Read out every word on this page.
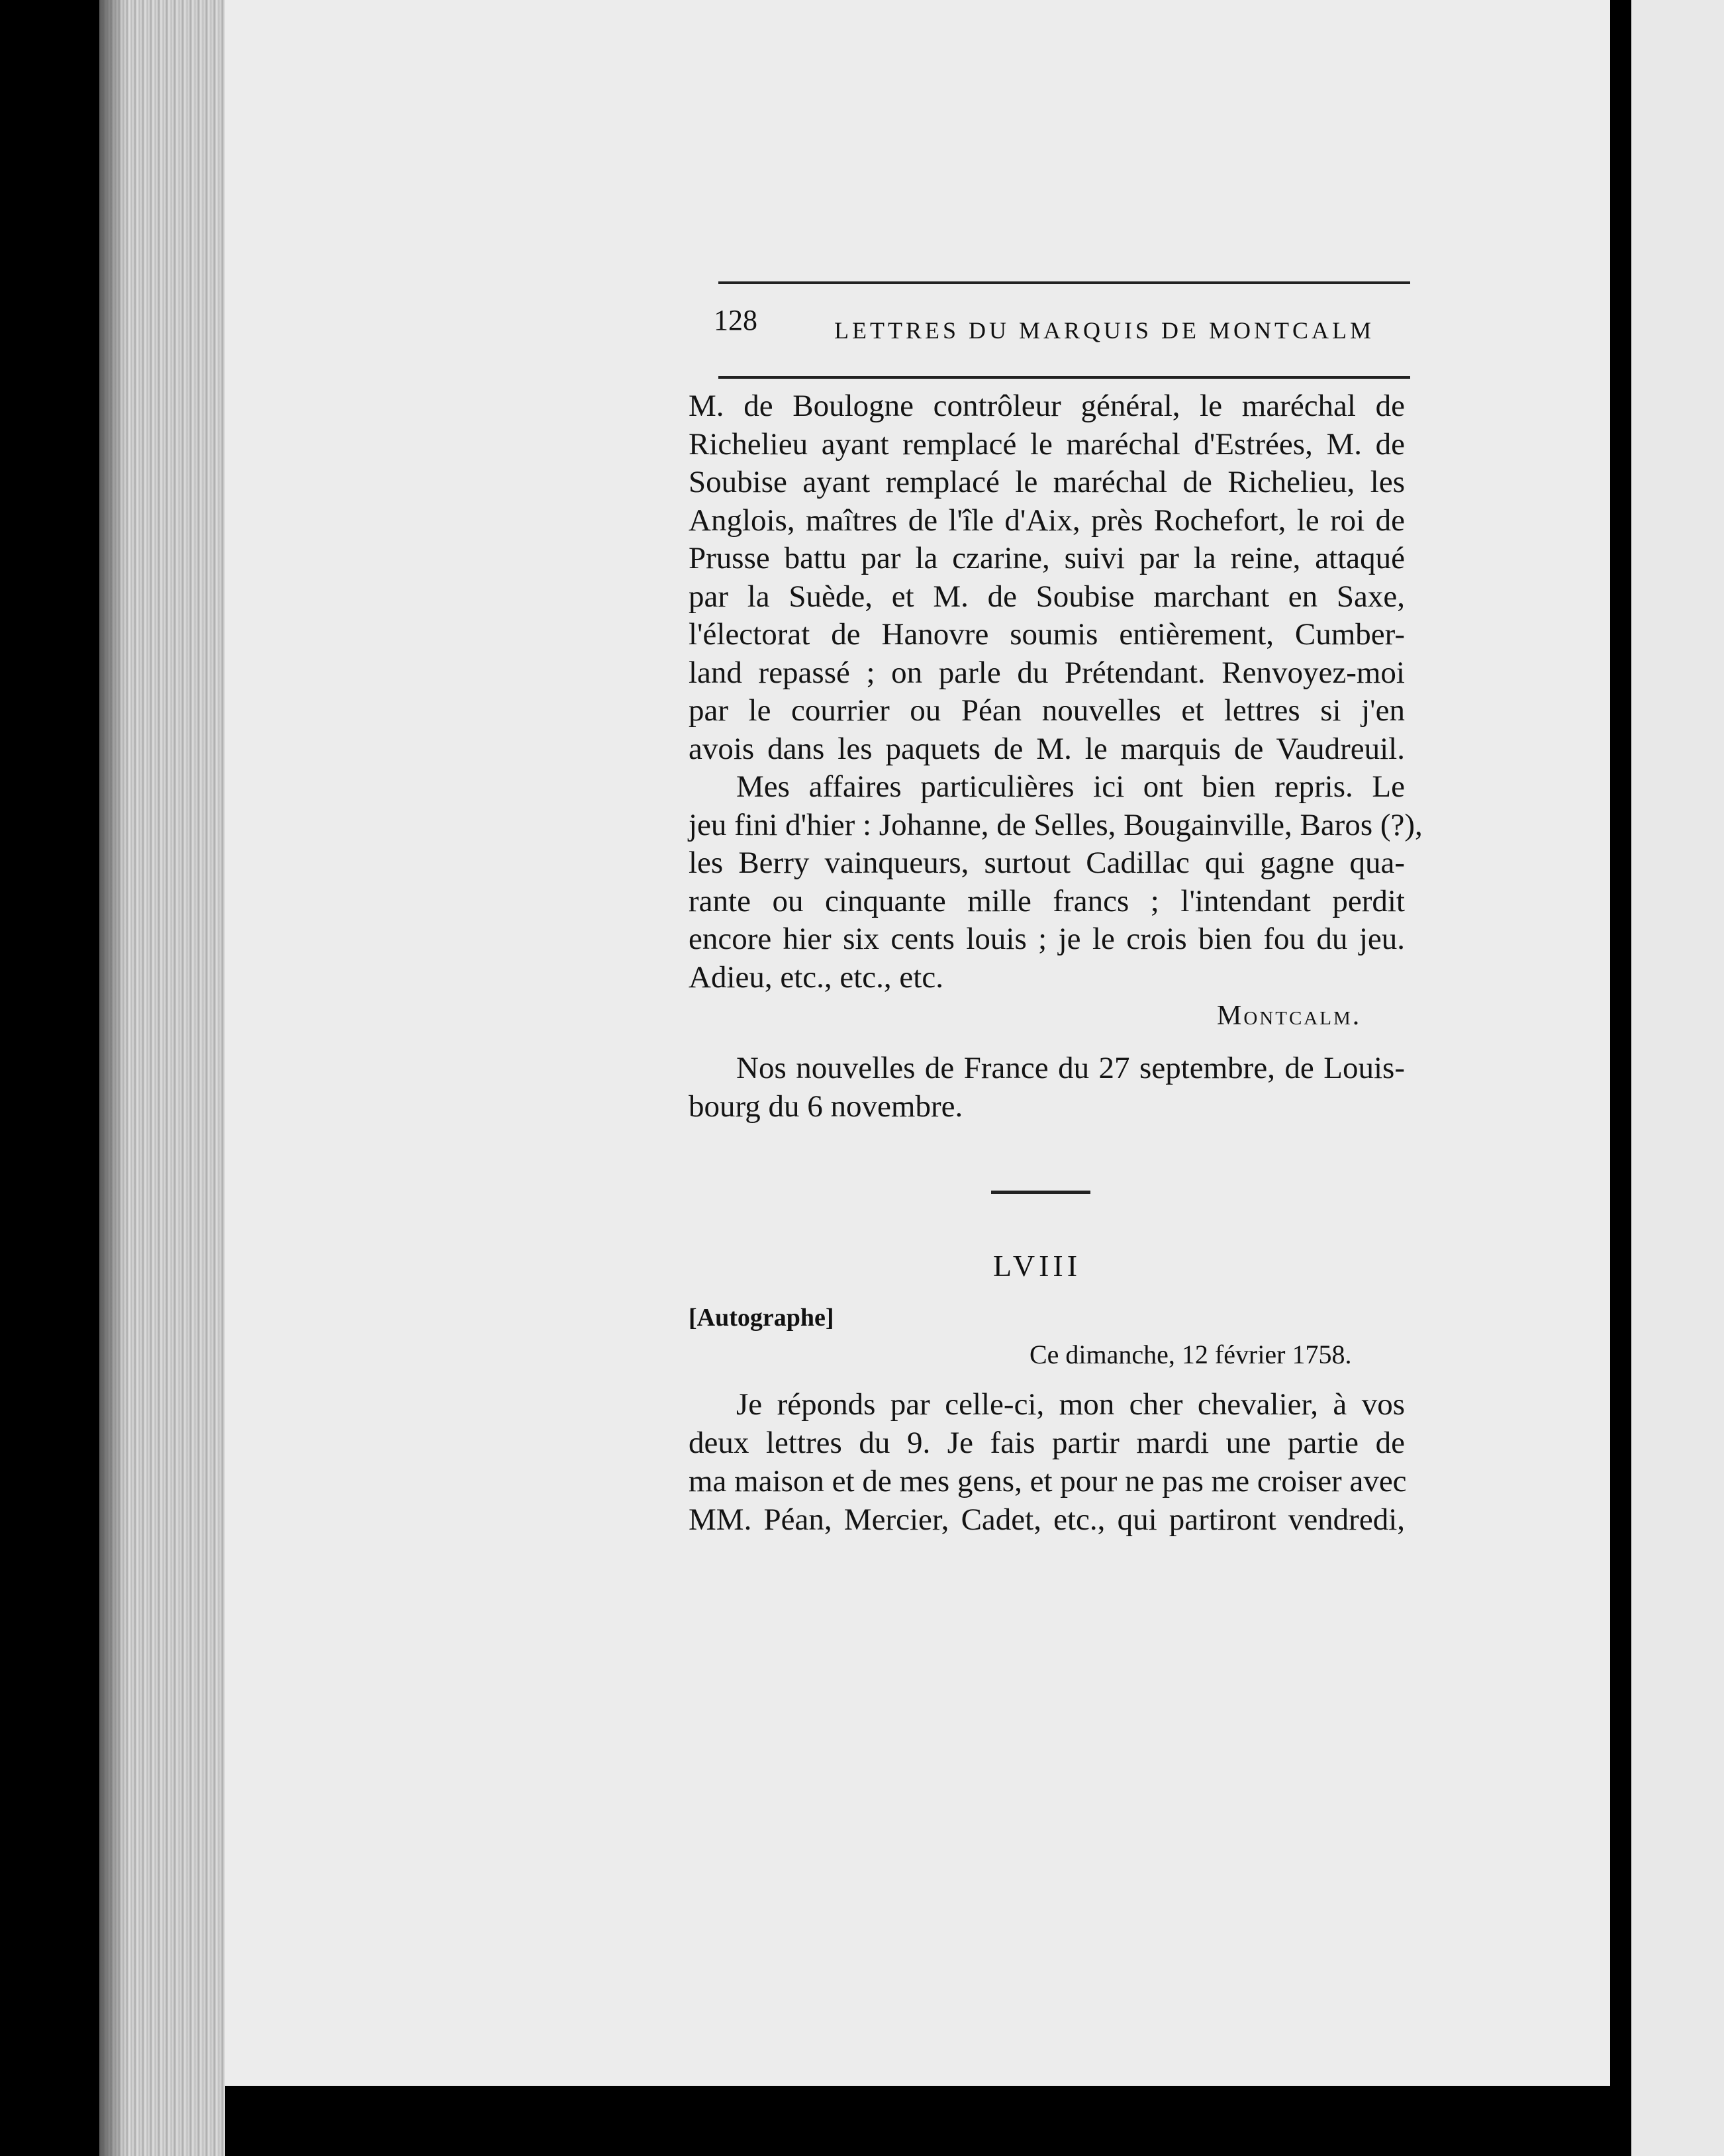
128	LETTRES DU MARQUIS DE MONTCALM
M. de Boulogne contrôleur général, le maréchal de
Richelieu ayant remplacé le maréchal d'Estrées, M. de
Soubise ayant remplacé le maréchal de Richelieu, les
Anglois, maîtres de l'île d'Aix, près Rochefort, le roi de
Prusse battu par la czarine, suivi par la reine, attaqué
par la Suède, et M. de Soubise marchant en Saxe,
l'électorat de Hanovre soumis entièrement, Cumber-
land repassé ; on parle du Prétendant. Renvoyez-moi
par le courrier ou Péan nouvelles et lettres si j'en
avois dans les paquets de M. le marquis de Vaudreuil.
Mes affaires particulières ici ont bien repris. Le
jeu fini d'hier : Johanne, de Selles, Bougainville, Baros (?),
les Berry vainqueurs, surtout Cadillac qui gagne qua-
rante ou cinquante mille francs ; l'intendant perdit
encore hier six cents louis ; je le crois bien fou du jeu.
Adieu, etc., etc., etc.
Montcalm.
Nos nouvelles de France du 27 septembre, de Louis-
bourg du 6 novembre.
LVIII
[Autographe]
Ce dimanche, 12 février 1758.
Je réponds par celle-ci, mon cher chevalier, à vos
deux lettres du 9. Je fais partir mardi une partie de
ma maison et de mes gens, et pour ne pas me croiser avec
MM. Péan, Mercier, Cadet, etc., qui partiront vendredi,
